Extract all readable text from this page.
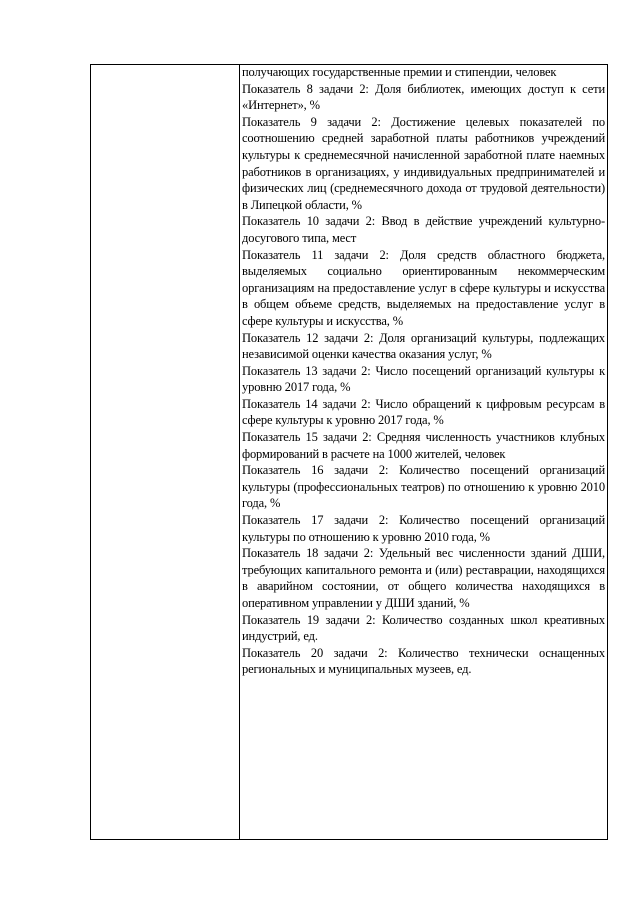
получающих государственные премии и стипендии, человек

Показатель 8 задачи 2: Доля библиотек, имеющих доступ к сети «Интернет», %

Показатель 9 задачи 2: Достижение целевых показателей по соотношению средней заработной платы работников учреждений культуры к среднемесячной начисленной заработной плате наемных работников в организациях, у индивидуальных предпринимателей и физических лиц (среднемесячного дохода от трудовой деятельности) в Липецкой области, %

Показатель 10 задачи 2: Ввод в действие учреждений культурно-досугового типа, мест

Показатель 11 задачи 2: Доля средств областного бюджета, выделяемых социально ориентированным некоммерческим организациям на предоставление услуг в сфере культуры и искусства в общем объеме средств, выделяемых на предоставление услуг в сфере культуры и искусства, %

Показатель 12 задачи 2: Доля организаций культуры, подлежащих независимой оценки качества оказания услуг, %

Показатель 13 задачи 2: Число посещений организаций культуры к уровню 2017 года, %

Показатель 14 задачи 2: Число обращений к цифровым ресурсам в сфере культуры к уровню 2017 года, %

Показатель 15 задачи 2: Средняя численность участников клубных формирований в расчете на 1000 жителей, человек

Показатель 16 задачи 2: Количество посещений организаций культуры (профессиональных театров) по отношению к уровню 2010 года, %

Показатель 17 задачи 2: Количество посещений организаций культуры по отношению к уровню 2010 года, %

Показатель 18 задачи 2: Удельный вес численности зданий ДШИ, требующих капитального ремонта и (или) реставрации, находящихся в аварийном состоянии, от общего количества находящихся в оперативном управлении у ДШИ зданий, %

Показатель 19 задачи 2: Количество созданных школ креативных индустрий, ед.

Показатель 20 задачи 2: Количество технически оснащенных региональных и муниципальных музеев, ед.
